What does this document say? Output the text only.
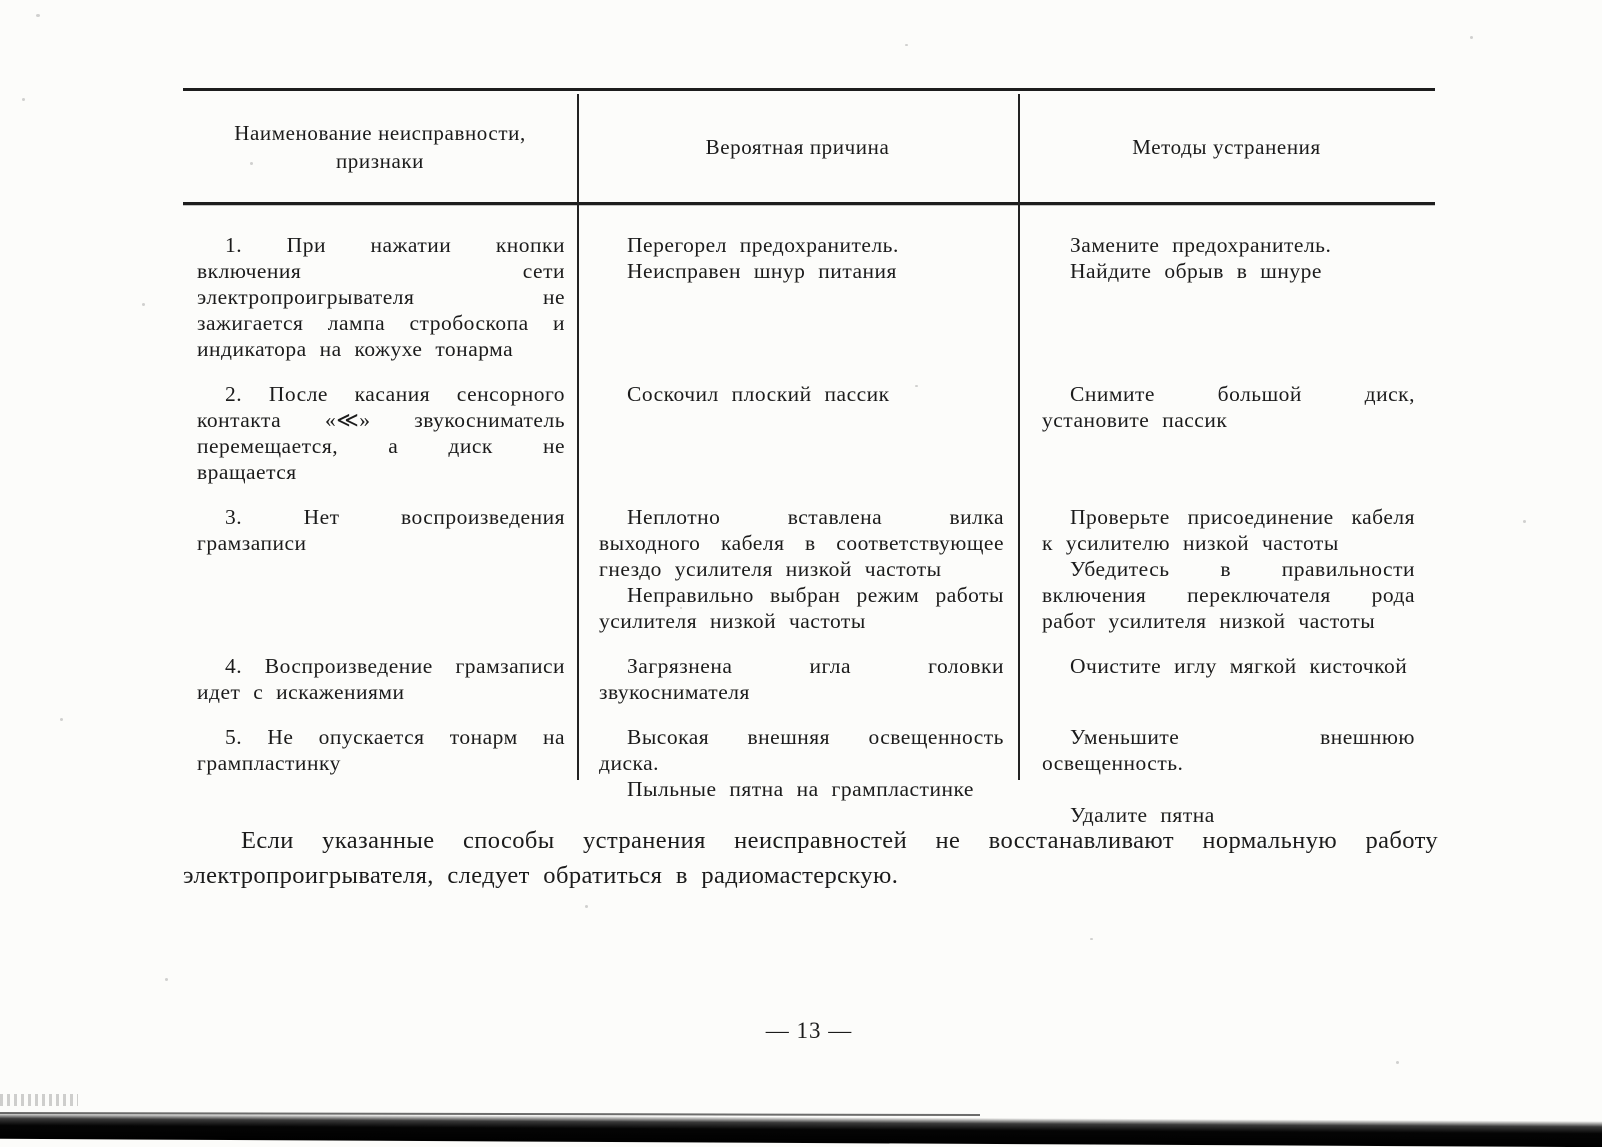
Наименование неисправности, признаки
Вероятная причина	Методы устранения

1. При нажатии кнопки включения сети электропроигрывателя не зажигается лампа стробоскопа и индикатора на кожухе тонарма

Перегорел предохранитель.

Неисправен шнур питания

Замените предохранитель.

Найдите обрыв в шнуре

2. После касания сенсорного контакта «≪» звукосниматель перемещается, а диск не вращается

Соскочил плоский пассик	Снимите большой диск, установите пассик

3. Нет воспроизведения грамзаписи

Неплотно вставлена вилка выходного кабеля в соответствующее гнездо усилителя низкой частоты

Неправильно выбран режим работы усилителя низкой частоты

Проверьте присоединение кабеля к усилителю низкой частоты

Убедитесь в правильности включения переключателя рода работ усилителя низкой частоты

4. Воспроизведение грамзаписи идет с искажениями

Загрязнена игла головки звукоснимателя

Очистите иглу мягкой кисточкой

5. Не опускается тонарм на грампластинку

Высокая внешняя освещенность диска.

Пыльные пятна на грампластинке

Уменьшите внешнюю освещенность.

Удалите пятна

Если указанные способы устранения неисправностей не восстанавливают нормальную работу электропроигрывателя, следует обратиться в радиомастерскую.

— 13 —
